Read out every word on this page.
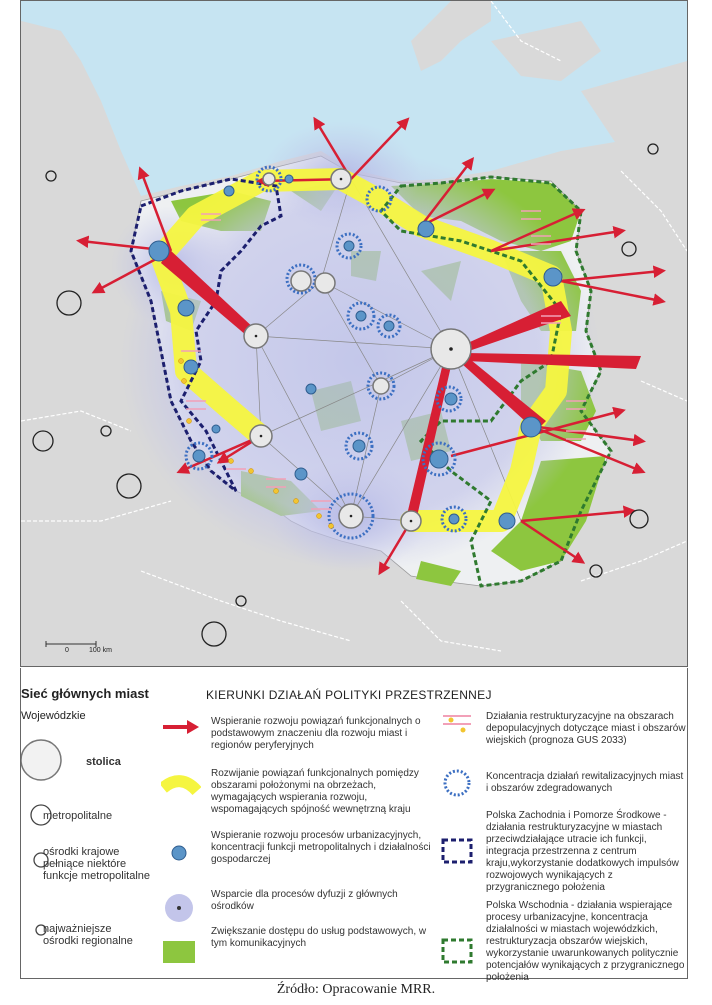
0	100 km
Sieć głównych miast
Wojewódzkie
stolica
metropolitalne
ośrodki krajowe pełniące niektóre funkcje metropolitalne
najważniejsze ośrodki regionalne
KIERUNKI DZIAŁAŃ POLITYKI PRZESTRZENNEJ
Wspieranie rozwoju powiązań funkcjonalnych o podstawowym znaczeniu dla rozwoju miast i regionów peryferyjnych
Rozwijanie powiązań funkcjonalnych pomiędzy obszarami położonymi na obrzeżach, wymagających wspierania rozwoju, wspomagających spójność wewnętrzną kraju
Wspieranie rozwoju procesów urbanizacyjnych, koncentracji funkcji metropolitalnych i działalności gospodarczej
Wsparcie dla procesów dyfuzji z głównych ośrodków
Zwiększanie dostępu do usług podstawowych, w tym komunikacyjnych
Działania restrukturyzacyjne na obszarach depopulacyjnych dotyczące miast i obszarów wiejskich (prognoza GUS 2033)
Koncentracja działań rewitalizacyjnych miast i obszarów zdegradowanych
Polska Zachodnia i Pomorze Środkowe - działania restrukturyzacyjne w miastach przeciwdziałające utracie ich funkcji, integracja przestrzenna z centrum kraju,wykorzystanie dodatkowych impulsów rozwojowych wynikających z przygranicznego położenia
Polska Wschodnia - działania wspierające procesy urbanizacyjne, koncentracja działalności w miastach wojewódzkich, restrukturyzacja obszarów wiejskich, wykorzystanie uwarunkowanych politycznie potencjałów wynikających z przygranicznego położenia
Źródło: Opracowanie MRR.
